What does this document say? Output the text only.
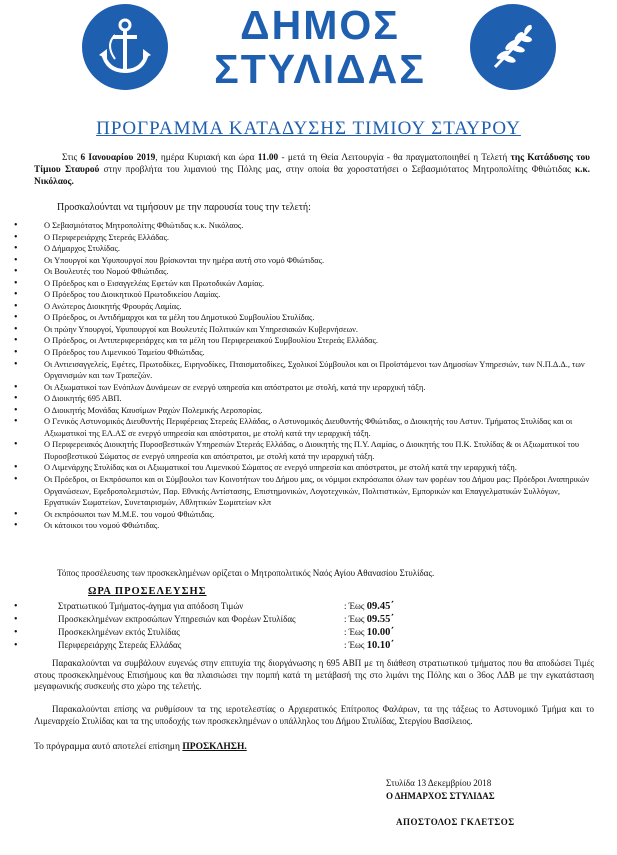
ΔΗΜΟΣ
ΣΤΥΛΙΔΑΣ
ΠΡΟΓΡΑΜΜΑ ΚΑΤΑΔΥΣΗΣ ΤΙΜΙΟΥ ΣΤΑΥΡΟΥ

Στις 6 Ιανουαρίου 2019, ημέρα Κυριακή και ώρα 11.00 - μετά τη Θεία Λειτουργία - θα πραγματοποιηθεί η Τελετή της Κατάδυσης του Τίμιου Σταυρού στην προβλήτα του λιμανιού της Πόλης μας, στην οποία θα χοροστατήσει ο Σεβασμιότατος Μητροπολίτης Φθιώτιδας κ.κ. Νικόλαος.

Προσκαλούνται να τιμήσουν με την παρουσία τους την τελετή:
• Ο Σεβασμιότατος Μητροπολίτης Φθιώτιδας κ.κ. Νικόλαος.
• Ο Περιφερειάρχης Στερεάς Ελλάδας.
• Ο Δήμαρχος Στυλίδας.
• Οι Υπουργοί και Υφυπουργοί που βρίσκονται την ημέρα αυτή στο νομό Φθιώτιδας.
• Οι Βουλευτές του Νομού Φθιώτιδας.
• Ο Πρόεδρος και ο Εισαγγελέας Εφετών και Πρωτοδικών Λαμίας.
• Ο Πρόεδρος του Διοικητικού Πρωτοδικείου Λαμίας.
• Ο Ανώτερος Διοικητής Φρουράς Λαμίας.
• Ο Πρόεδρος, οι Αντιδήμαρχοι και τα μέλη του Δημοτικού Συμβουλίου Στυλίδας.
• Οι πρώην Υπουργοί, Υφυπουργοί και Βουλευτές Πολιτικών και Υπηρεσιακών Κυβερνήσεων.
• Ο Πρόεδρος, οι Αντιπεριφερειάρχες και τα μέλη του Περιφερειακού Συμβουλίου Στερεάς Ελλάδας.
• Ο Πρόεδρος του Λιμενικού Ταμείου Φθιώτιδας.
• Οι Αντιεισαγγελείς, Εφέτες, Πρωτοδίκες, Ειρηνοδίκες, Πταισματοδίκες, Σχολικοί Σύμβουλοι και οι Προϊστάμενοι των Δημοσίων Υπηρεσιών, των Ν.Π.Δ.Δ., των Οργανισμών και των Τραπεζών.
• Οι Αξιωματικοί των Ενόπλων Δυνάμεων σε ενεργό υπηρεσία και απόστρατοι με στολή, κατά την ιεραρχική τάξη.
• Ο Διοικητής 695 ΑΒΠ.
• Ο Διοικητής Μονάδας Καυσίμων Ραχών Πολεμικής Αεροπορίας.
• Ο Γενικός Αστυνομικός Διευθυντής Περιφέρειας Στερεάς Ελλάδας, ο Αστυνομικός Διευθυντής Φθιώτιδας, ο Διοικητής του Αστυν. Τμήματος Στυλίδας και οι Αξιωματικοί της ΕΛ.ΑΣ σε ενεργό υπηρεσία και απόστρατοι, με στολή κατά την ιεραρχική τάξη.
• Ο Περιφερειακός Διοικητής Πυροσβεστικών Υπηρεσιών Στερεάς Ελλάδας, ο Διοικητής της Π.Υ. Λαμίας, ο Διοικητής του Π.Κ. Στυλίδας & οι Αξιωματικοί του Πυροσβεστικού Σώματος σε ενεργό υπηρεσία και απόστρατοι, με στολή κατά την ιεραρχική τάξη.
• Ο Λιμενάρχης Στυλίδας και οι Αξιωματικοί του Λιμενικού Σώματος σε ενεργό υπηρεσία και απόστρατοι, με στολή κατά την ιεραρχική τάξη.
• Οι Πρόεδροι, οι Εκπρόσωποι και οι Σύμβουλοι των Κοινοτήτων του Δήμου μας, οι νόμιμοι εκπρόσωποι όλων των φορέων του Δήμου μας: Πρόεδροι Αναπηρικών Οργανώσεων, Εφεδροπολεμιστών, Παρ. Εθνικής Αντίστασης, Επιστημονικών, Λογοτεχνικών, Πολιτιστικών, Εμπορικών και Επαγγελματικών Συλλόγων, Εργατικών Σωματείων, Συνεταιρισμών, Αθλητικών Σωματείων κλπ
• Οι εκπρόσωποι των Μ.Μ.Ε. του νομού Φθιώτιδας.
• Οι κάτοικοι του νομού Φθιώτιδας.
Τόπος προσέλευσης των προσκεκλημένων ορίζεται ο Μητροπολιτικός Ναός Αγίου Αθανασίου Στυλίδας.
ΩΡΑ ΠΡΟΣΕΛΕΥΣΗΣ
• Στρατιωτικού Τμήματος-άγημα για απόδοση Τιμών	: Έως 09.45΄
• Προσκεκλημένων εκπροσώπων Υπηρεσιών και Φορέων Στυλίδας	: Έως 09.55΄
• Προσκεκλημένων εκτός Στυλίδας	: Έως 10.00΄
• Περιφερειάρχης Στερεάς Ελλάδας	: Έως 10.10΄

Παρακαλούνται να συμβάλουν ευγενώς στην επιτυχία της διοργάνωσης η 695 ΑΒΠ με τη διάθεση στρατιωτικού τμήματος που θα αποδώσει Τιμές στους προσκεκλημένους Επισήμους και θα πλαισιώσει την πομπή κατά τη μετάβασή της στο λιμάνι της Πόλης και ο 36ος ΛΔΒ με την εγκατάσταση μεγαφωνικής συσκευής στο χώρο της τελετής.

Παρακαλούνται επίσης να ρυθμίσουν τα της ιεροτελεστίας ο Αρχιερατικός Επίτροπος Φαλάρων, τα της τάξεως το Αστυνομικό Τμήμα και το Λιμεναρχείο Στυλίδας και τα της υποδοχής των προσκεκλημένων ο υπάλληλος του Δήμου Στυλίδας, Στεργίου Βασίλειος.

Το πρόγραμμα αυτό αποτελεί επίσημη ΠΡΟΣΚΛΗΣΗ.
Στυλίδα 13 Δεκεμβρίου 2018
Ο ΔΗΜΑΡΧΟΣ ΣΤΥΛΙΔΑΣ
ΑΠΟΣΤΟΛΟΣ ΓΚΛΕΤΣΟΣ
